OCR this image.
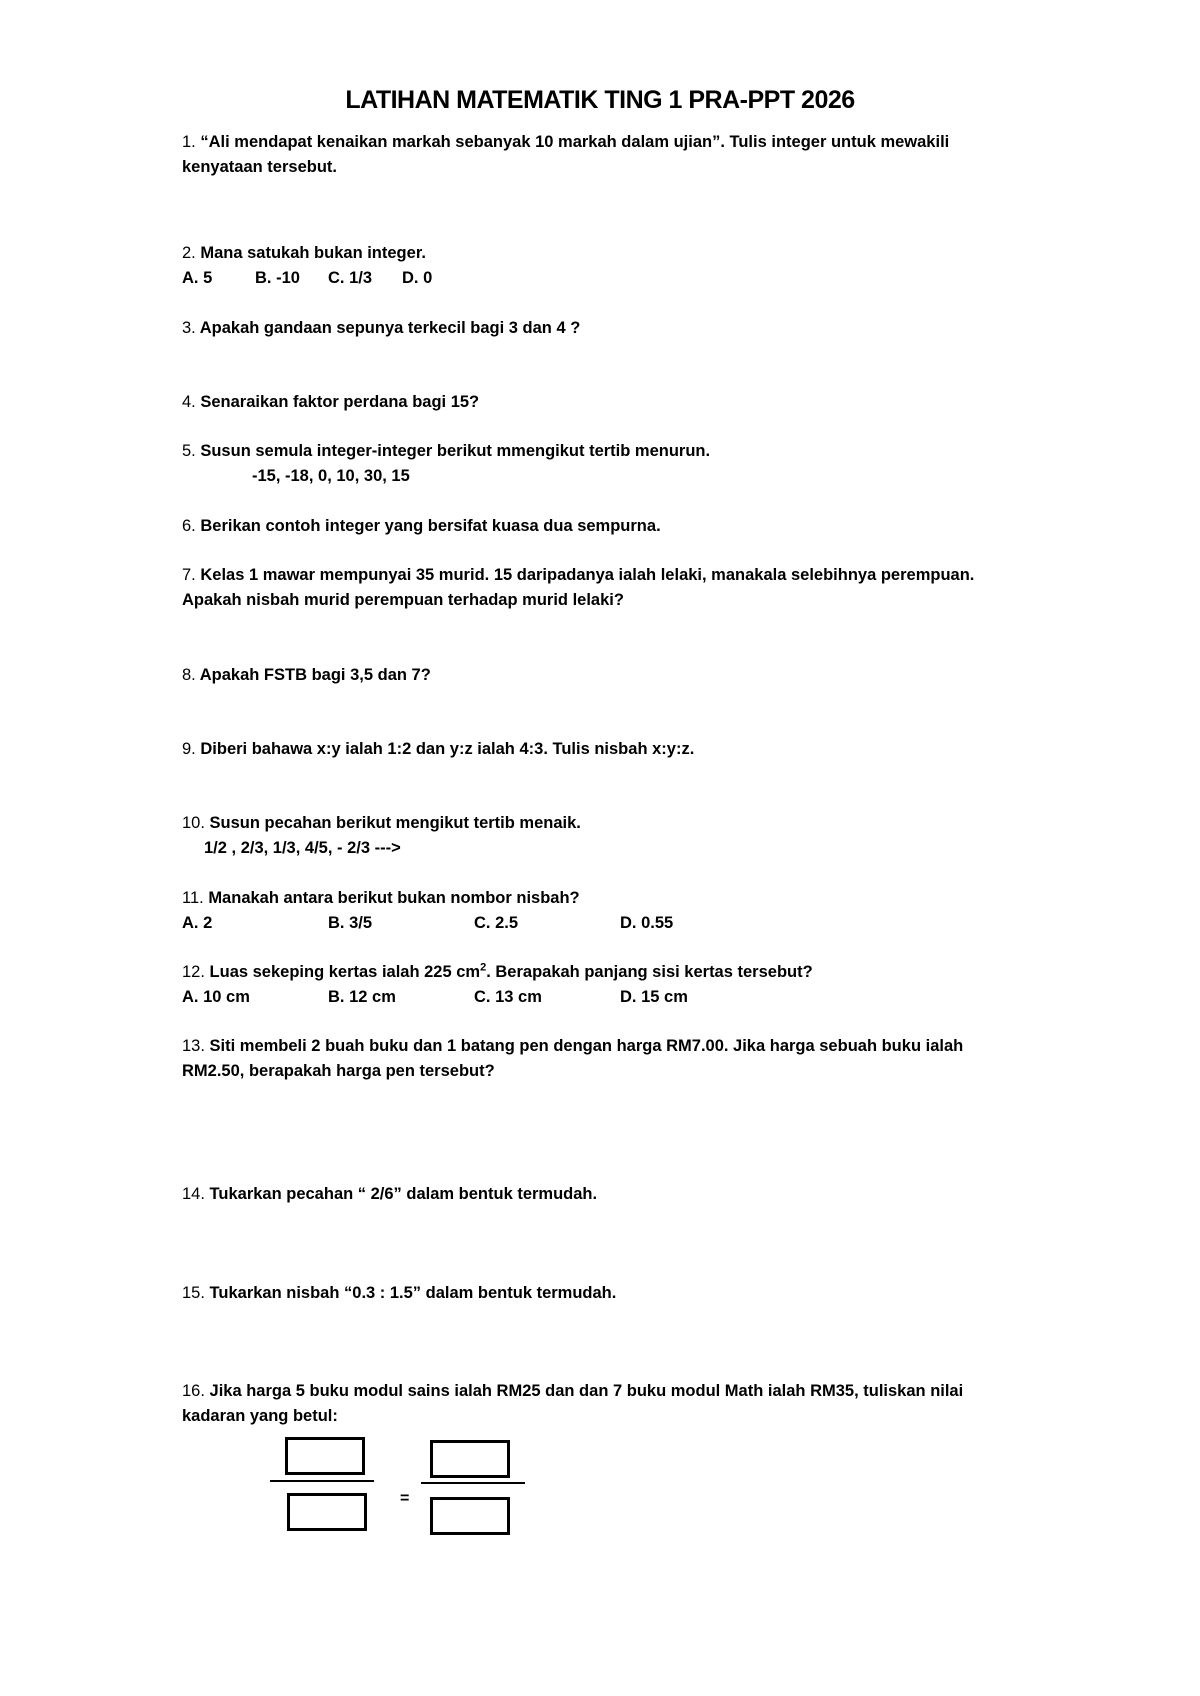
LATIHAN MATEMATIK TING 1 PRA-PPT 2026
1. “Ali mendapat kenaikan markah sebanyak 10 markah dalam ujian”. Tulis integer untuk mewakili kenyataan tersebut.
2. Mana satukah bukan integer.
A. 5	B. -10 C. 1/3 D. 0
3. Apakah gandaan sepunya terkecil bagi 3 dan 4 ?
4. Senaraikan faktor perdana bagi 15?
5. Susun semula integer-integer berikut mmengikut tertib menurun.
-15, -18, 0, 10, 30, 15
6. Berikan contoh integer yang bersifat kuasa dua sempurna.
7. Kelas 1 mawar mempunyai 35 murid. 15 daripadanya ialah lelaki, manakala selebihnya perempuan. Apakah nisbah murid perempuan terhadap murid lelaki?
8. Apakah FSTB bagi 3,5 dan 7?
9. Diberi bahawa x:y ialah 1:2 dan y:z ialah 4:3. Tulis nisbah x:y:z.
10. Susun pecahan berikut mengikut tertib menaik.
1/2 , 2/3, 1/3, 4/5, - 2/3 --->
11. Manakah antara berikut bukan nombor nisbah?
A. 2	B. 3/5	C. 2.5	D. 0.55
12. Luas sekeping kertas ialah 225 $cm^2$. Berapakah panjang sisi kertas tersebut?
A. 10 cm	B. 12 cm	C. 13 cm	D. 15 cm
13. Siti membeli 2 buah buku dan 1 batang pen dengan harga RM7.00. Jika harga sebuah buku ialah RM2.50, berapakah harga pen tersebut?
14. Tukarkan pecahan “ 2/6” dalam bentuk termudah.
15. Tukarkan nisbah “0.3 : 1.5” dalam bentuk termudah.
16. Jika harga 5 buku modul sains ialah RM25 dan dan 7 buku modul Math ialah RM35, tuliskan nilai kadaran yang betul:
=
